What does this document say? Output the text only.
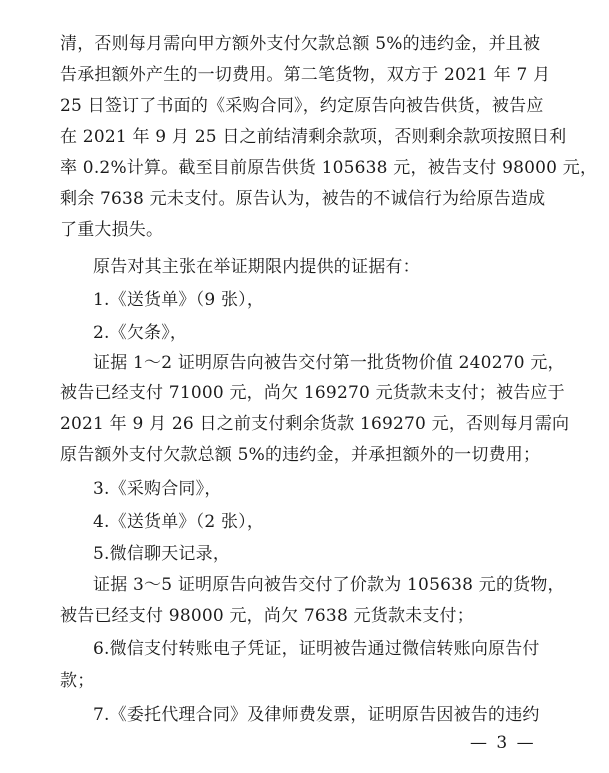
清，否则每月需向甲方额外支付欠款总额 5%的违约金，并且被
告承担额外产生的一切费用。第二笔货物，双方于 2021 年 7 月
25 日签订了书面的《采购合同》，约定原告向被告供货，被告应
在 2021 年 9 月 25 日之前结清剩余款项，否则剩余款项按照日利
率 0.2%计算。截至目前原告供货 105638 元，被告支付 98000 元，
剩余 7638 元未支付。原告认为，被告的不诚信行为给原告造成
了重大损失。
原告对其主张在举证期限内提供的证据有：
1.《送货单》（9 张），
2.《欠条》，
证据 1～2 证明原告向被告交付第一批货物价值 240270 元，
被告已经支付 71000 元，尚欠 169270 元货款未支付；被告应于
2021 年 9 月 26 日之前支付剩余货款 169270 元，否则每月需向
原告额外支付欠款总额 5%的违约金，并承担额外的一切费用；
3.《采购合同》，
4.《送货单》（2 张），
5.微信聊天记录，
证据 3～5 证明原告向被告交付了价款为 105638 元的货物，
被告已经支付 98000 元，尚欠 7638 元货款未支付；
6.微信支付转账电子凭证，证明被告通过微信转账向原告付
款；
7.《委托代理合同》及律师费发票，证明原告因被告的违约
— 3 —
